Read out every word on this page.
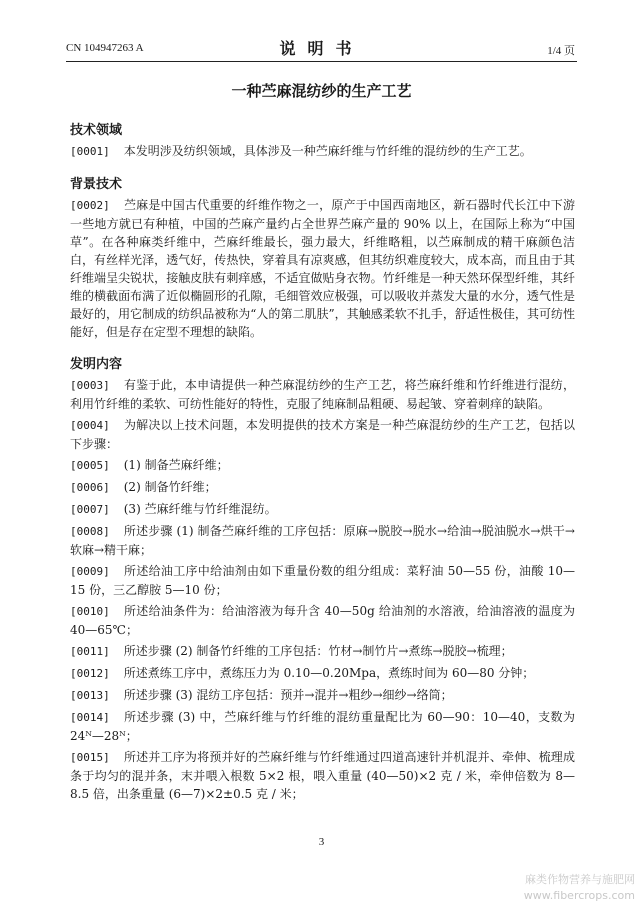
CN 104947263 A	说明书	1/4 页
一种苎麻混纺纱的生产工艺
技术领域
[0001] 本发明涉及纺织领域，具体涉及一种苎麻纤维与竹纤维的混纺纱的生产工艺。
背景技术
[0002] 苎麻是中国古代重要的纤维作物之一，原产于中国西南地区，新石器时代长江中下游一些地方就已有种植，中国的苎麻产量约占全世界苎麻产量的 90% 以上，在国际上称为“中国草”。在各种麻类纤维中，苎麻纤维最长，强力最大，纤维略粗，以苎麻制成的精干麻颜色洁白，有丝样光泽，透气好，传热快，穿着具有凉爽感，但其纺织难度较大，成本高，而且由于其纤维端呈尖锐状，接触皮肤有刺痒感，不适宜做贴身衣物。竹纤维是一种天然环保型纤维，其纤维的横截面布满了近似椭圆形的孔隙，毛细管效应极强，可以吸收并蒸发大量的水分，透气性是最好的，用它制成的纺织品被称为“人的第二肌肤”，其触感柔软不扎手，舒适性极佳，其可纺性能好，但是存在定型不理想的缺陷。
发明内容
[0003] 有鉴于此，本申请提供一种苎麻混纺纱的生产工艺，将苎麻纤维和竹纤维进行混纺，利用竹纤维的柔软、可纺性能好的特性，克服了纯麻制品粗硬、易起皱、穿着刺痒的缺陷。
[0004] 为解决以上技术问题，本发明提供的技术方案是一种苎麻混纺纱的生产工艺，包括以下步骤：
[0005] (1) 制备苎麻纤维；
[0006] (2) 制备竹纤维；
[0007] (3) 苎麻纤维与竹纤维混纺。
[0008] 所述步骤 (1) 制备苎麻纤维的工序包括：原麻→脱胶→脱水→给油→脱油脱水→烘干→软麻→精干麻；
[0009] 所述给油工序中给油剂由如下重量份数的组分组成：菜籽油 50—55 份，油酸 10—15 份，三乙醇胺 5—10 份；
[0010] 所述给油条件为：给油溶液为每升含 40—50g 给油剂的水溶液，给油溶液的温度为 40—65℃；
[0011] 所述步骤 (2) 制备竹纤维的工序包括：竹材→制竹片→煮练→脱胶→梳理；
[0012] 所述煮练工序中，煮练压力为 0.10—0.20Mpa，煮练时间为 60—80 分钟；
[0013] 所述步骤 (3) 混纺工序包括：预并→混并→粗纱→细纱→络筒；
[0014] 所述步骤 (3) 中，苎麻纤维与竹纤维的混纺重量配比为 60—90：10—40，支数为 24ᴺ—28ᴺ；
[0015] 所述并工序为将预并好的苎麻纤维与竹纤维通过四道高速针并机混并、牵伸、梳理成条于均匀的混并条，末并喂入根数 5×2 根，喂入重量 (40—50)×2 克 / 米，牵伸倍数为 8—8.5 倍，出条重量 (6—7)×2±0.5 克 / 米；
3
麻类作物营养与施肥网
www.fibercrops.com
